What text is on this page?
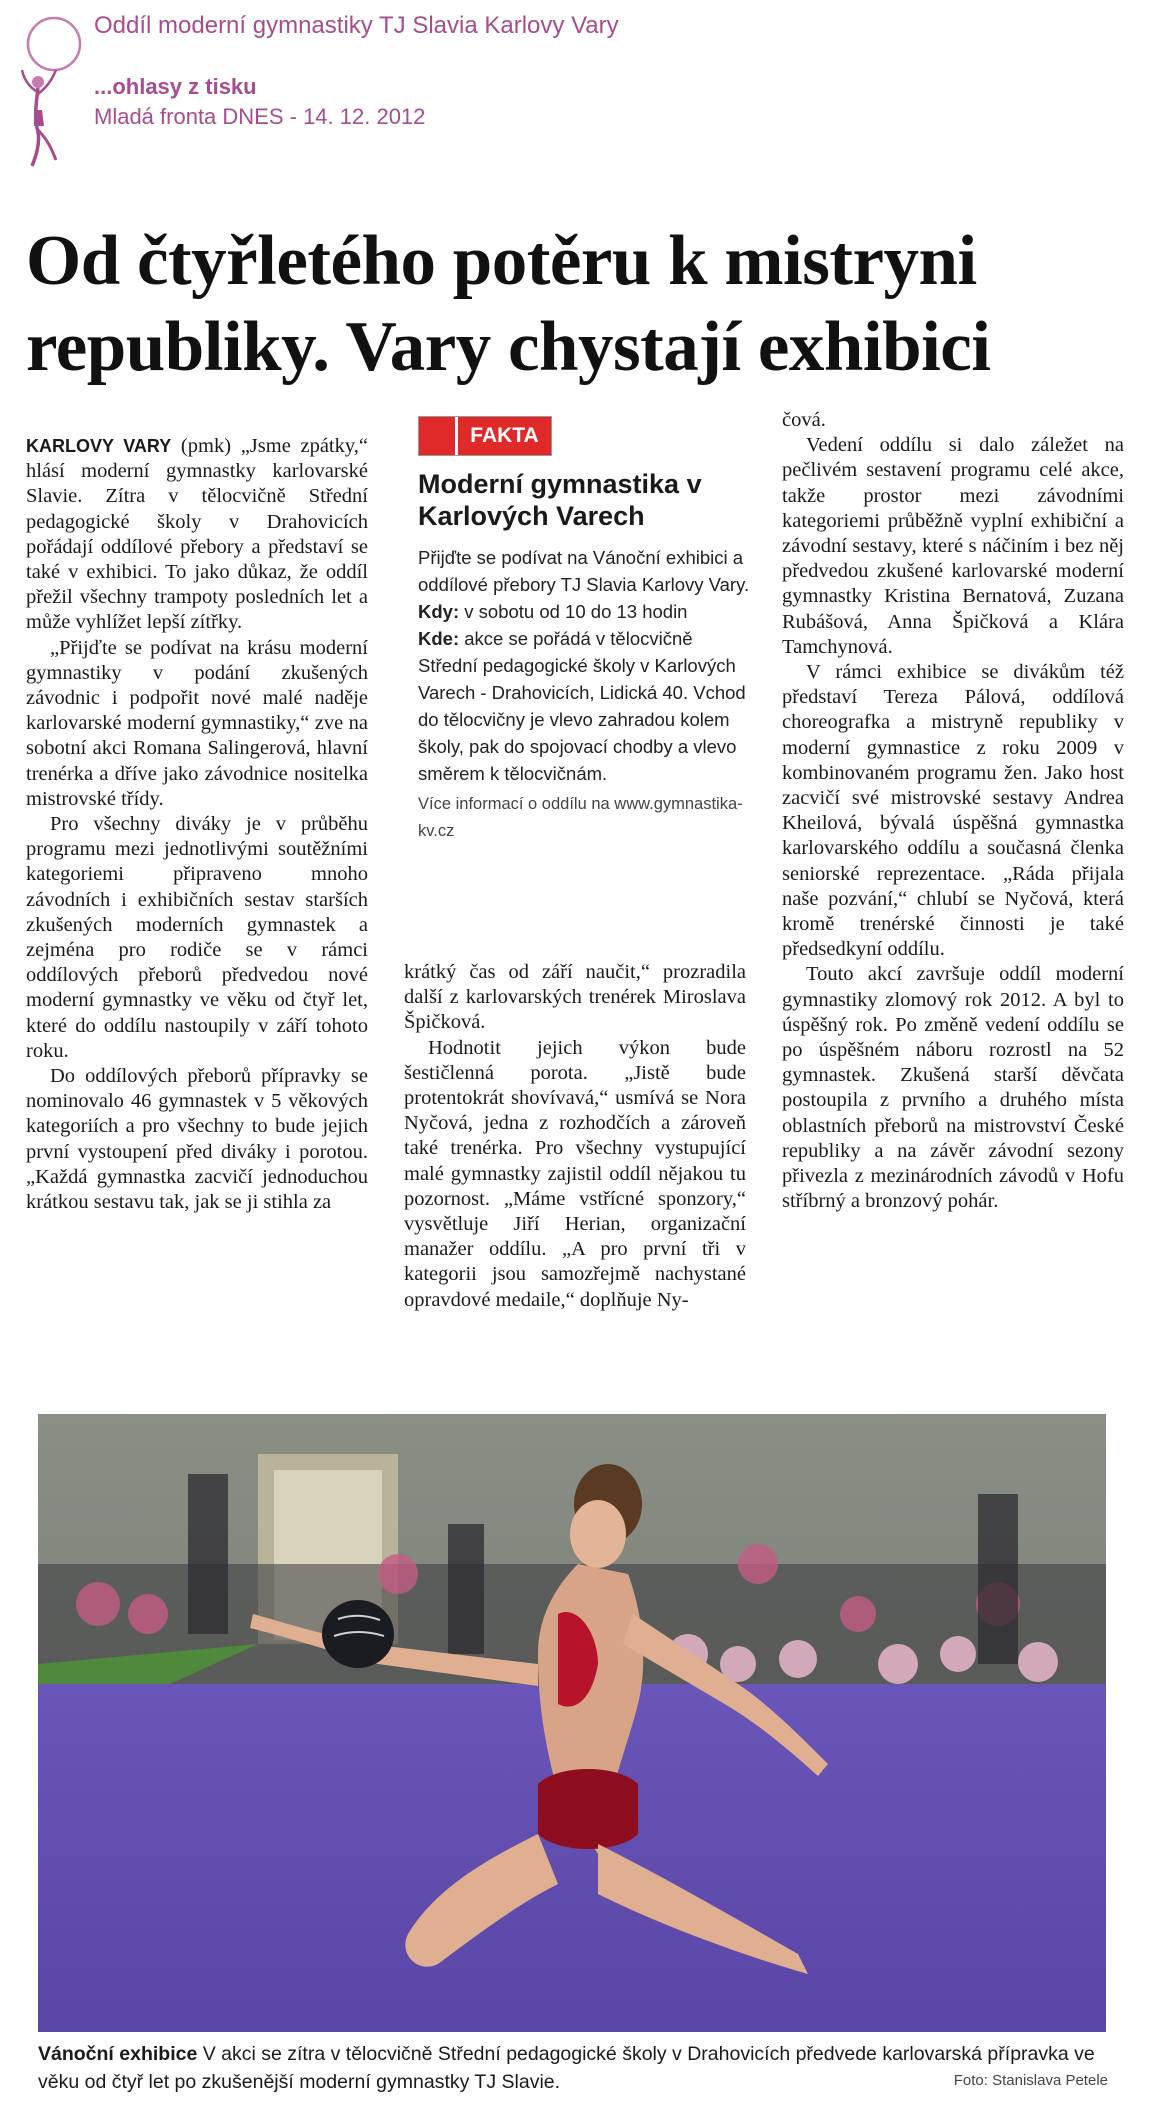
Oddíl moderní gymnastiky TJ Slavia Karlovy Vary
...ohlasy z tisku
Mladá fronta DNES - 14. 12. 2012
Od čtyřletého potěru k mistryni republiky. Vary chystají exhibici

KARLOVY VARY (pmk) „Jsme zpátky,“ hlásí moderní gymnastky karlovarské Slavie. Zítra v tělocvičně Střední pedagogické školy v Drahovicích pořádají oddílové přebory a představí se také v exhibici. To jako důkaz, že oddíl přežil všechny trampoty posledních let a může vyhlížet lepší zítřky.

„Přijďte se podívat na krásu moderní gymnastiky v podání zkušených závodnic i podpořit nové malé naděje karlovarské moderní gymnastiky,“ zve na sobotní akci Romana Salingerová, hlavní trenérka a dříve jako závodnice nositelka mistrovské třídy.

Pro všechny diváky je v průběhu programu mezi jednotlivými soutěžními kategoriemi připraveno mnoho závodních i exhibičních sestav starších zkušených moderních gymnastek a zejména pro rodiče se v rámci oddílových přeborů předvedou nové moderní gymnastky ve věku od čtyř let, které do oddílu nastoupily v září tohoto roku.

Do oddílových přeborů přípravky se nominovalo 46 gymnastek v 5 věkových kategoriích a pro všechny to bude jejich první vystoupení před diváky i porotou. „Každá gymnastka zacvičí jednoduchou krátkou sestavu tak, jak se ji stihla za

FAKTA
Moderní gymnastika v Karlových Varech
Přijďte se podívat na Vánoční exhibici a oddílové přebory TJ Slavia Karlovy Vary.
Kdy: v sobotu od 10 do 13 hodin
Kde: akce se pořádá v tělocvičně Střední pedagogické školy v Karlových Varech - Drahovicích, Lidická 40. Vchod do tělocvičny je vlevo zahradou kolem školy, pak do spojovací chodby a vlevo směrem k tělocvičnám.
Více informací o oddílu na www.gymnastika-kv.cz

krátký čas od září naučit,“ prozradila další z karlovarských trenérek Miroslava Špičková.

Hodnotit jejich výkon bude šestičlenná porota. „Jistě bude protentokrát shovívavá,“ usmívá se Nora Nyčová, jedna z rozhodčích a zároveň také trenérka. Pro všechny vystupující malé gymnastky zajistil oddíl nějakou tu pozornost. „Máme vstřícné sponzory,“ vysvětluje Jiří Herian, organizační manažer oddílu. „A pro první tři v kategorii jsou samozřejmě nachystané opravdové medaile,“ doplňuje Ny-

čová.

Vedení oddílu si dalo záležet na pečlivém sestavení programu celé akce, takže prostor mezi závodními kategoriemi průběžně vyplní exhibiční a závodní sestavy, které s náčiním i bez něj předvedou zkušené karlovarské moderní gymnastky Kristina Bernatová, Zuzana Rubášová, Anna Špičková a Klára Tamchynová.

V rámci exhibice se divákům též představí Tereza Pálová, oddílová choreografka a mistryně republiky v moderní gymnastice z roku 2009 v kombinovaném programu žen. Jako host zacvičí své mistrovské sestavy Andrea Kheilová, bývalá úspěšná gymnastka karlovarského oddílu a současná členka seniorské reprezentace. „Ráda přijala naše pozvání,“ chlubí se Nyčová, která kromě trenérské činnosti je také předsedkyní oddílu.

Touto akcí završuje oddíl moderní gymnastiky zlomový rok 2012. A byl to úspěšný rok. Po změně vedení oddílu se po úspěšném náboru rozrostl na 52 gymnastek. Zkušená starší děvčata postoupila z prvního a druhého místa oblastních přeborů na mistrovství České republiky a na závěr závodní sezony přivezla z mezinárodních závodů v Hofu stříbrný a bronzový pohár.

Vánoční exhibice V akci se zítra v tělocvičně Střední pedagogické školy v Drahovicích předvede karlovarská přípravka ve věku od čtyř let po zkušenější moderní gymnastky TJ Slavie.	Foto: Stanislava Petele
